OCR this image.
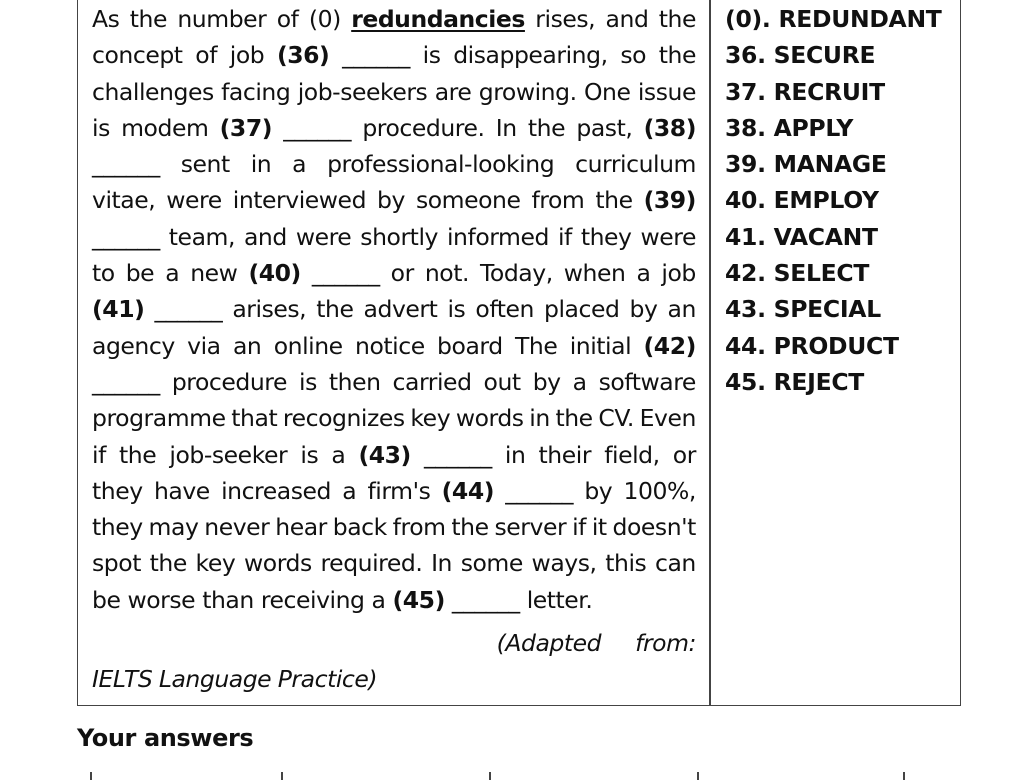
As the number of (0) redundancies rises, and the
concept of job (36) ______ is disappearing, so the
challenges facing job-seekers are growing. One issue
is modem (37) ______ procedure. In the past, (38)
______ sent in a professional-looking curriculum
vitae, were interviewed by someone from the (39)
______ team, and were shortly informed if they were
to be a new (40) ______ or not. Today, when a job
(41) ______ arises, the advert is often placed by an
agency via an online notice board The initial (42)
______ procedure is then carried out by a software
programme that recognizes key words in the CV. Even
if the job-seeker is a (43) ______ in their field, or
they have increased a firm's (44) ______ by 100%,
they may never hear back from the server if it doesn't
spot the key words required. In some ways, this can
be worse than receiving a (45) ______ letter.
(Adapted from:
IELTS Language Practice)
(0). REDUNDANT
36. SECURE
37. RECRUIT
38. APPLY
39. MANAGE
40. EMPLOY
41. VACANT
42. SELECT
43. SPECIAL
44. PRODUCT
45. REJECT
Your answers
